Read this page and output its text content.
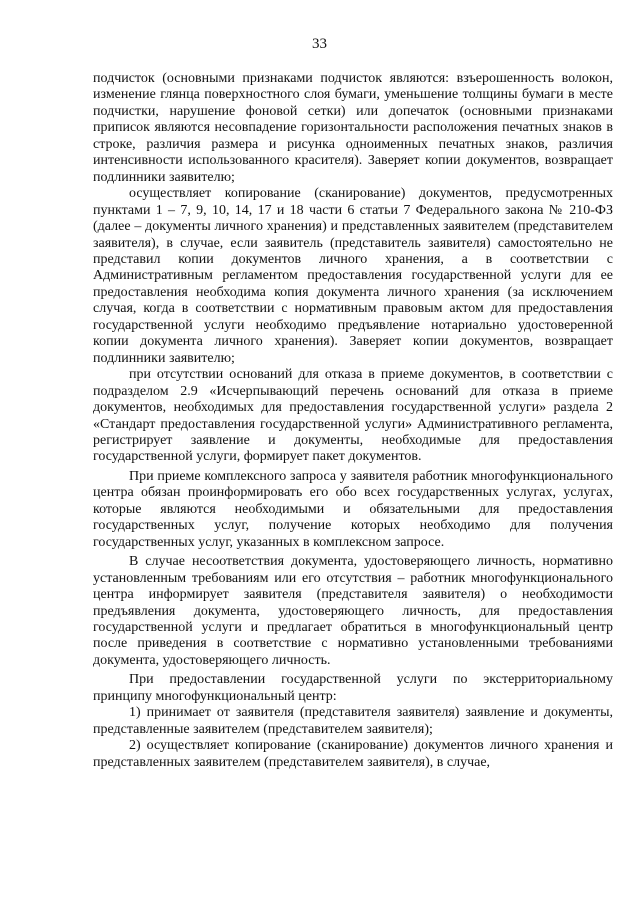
33

подчисток (основными признаками подчисток являются: взъерошенность волокон, изменение глянца поверхностного слоя бумаги, уменьшение толщины бумаги в месте подчистки, нарушение фоновой сетки) или допечаток (основными признаками приписок являются несовпадение горизонтальности расположения печатных знаков в строке, различия размера и рисунка одноименных печатных знаков, различия интенсивности использованного красителя). Заверяет копии документов, возвращает подлинники заявителю;

осуществляет копирование (сканирование) документов, предусмотренных пунктами 1 – 7, 9, 10, 14, 17 и 18 части 6 статьи 7 Федерального закона № 210-ФЗ (далее – документы личного хранения) и представленных заявителем (представителем заявителя), в случае, если заявитель (представитель заявителя) самостоятельно не представил копии документов личного хранения, а в соответствии с Административным регламентом предоставления государственной услуги для ее предоставления необходима копия документа личного хранения (за исключением случая, когда в соответствии с нормативным правовым актом для предоставления государственной услуги необходимо предъявление нотариально удостоверенной копии документа личного хранения). Заверяет копии документов, возвращает подлинники заявителю;

при отсутствии оснований для отказа в приеме документов, в соответствии с подразделом 2.9 «Исчерпывающий перечень оснований для отказа в приеме документов, необходимых для предоставления государственной услуги» раздела 2 «Стандарт предоставления государственной услуги» Административного регламента, регистрирует заявление и документы, необходимые для предоставления государственной услуги, формирует пакет документов.

При приеме комплексного запроса у заявителя работник многофункционального центра обязан проинформировать его обо всех государственных услугах, услугах, которые являются необходимыми и обязательными для предоставления государственных услуг, получение которых необходимо для получения государственных услуг, указанных в комплексном запросе.

В случае несоответствия документа, удостоверяющего личность, нормативно установленным требованиям или его отсутствия – работник многофункционального центра информирует заявителя (представителя заявителя) о необходимости предъявления документа, удостоверяющего личность, для предоставления государственной услуги и предлагает обратиться в многофункциональный центр после приведения в соответствие с нормативно установленными требованиями документа, удостоверяющего личность.

При предоставлении государственной услуги по экстерриториальному принципу многофункциональный центр:

1) принимает от заявителя (представителя заявителя) заявление и документы, представленные заявителем (представителем заявителя);

2) осуществляет копирование (сканирование) документов личного хранения и представленных заявителем (представителем заявителя), в случае,
